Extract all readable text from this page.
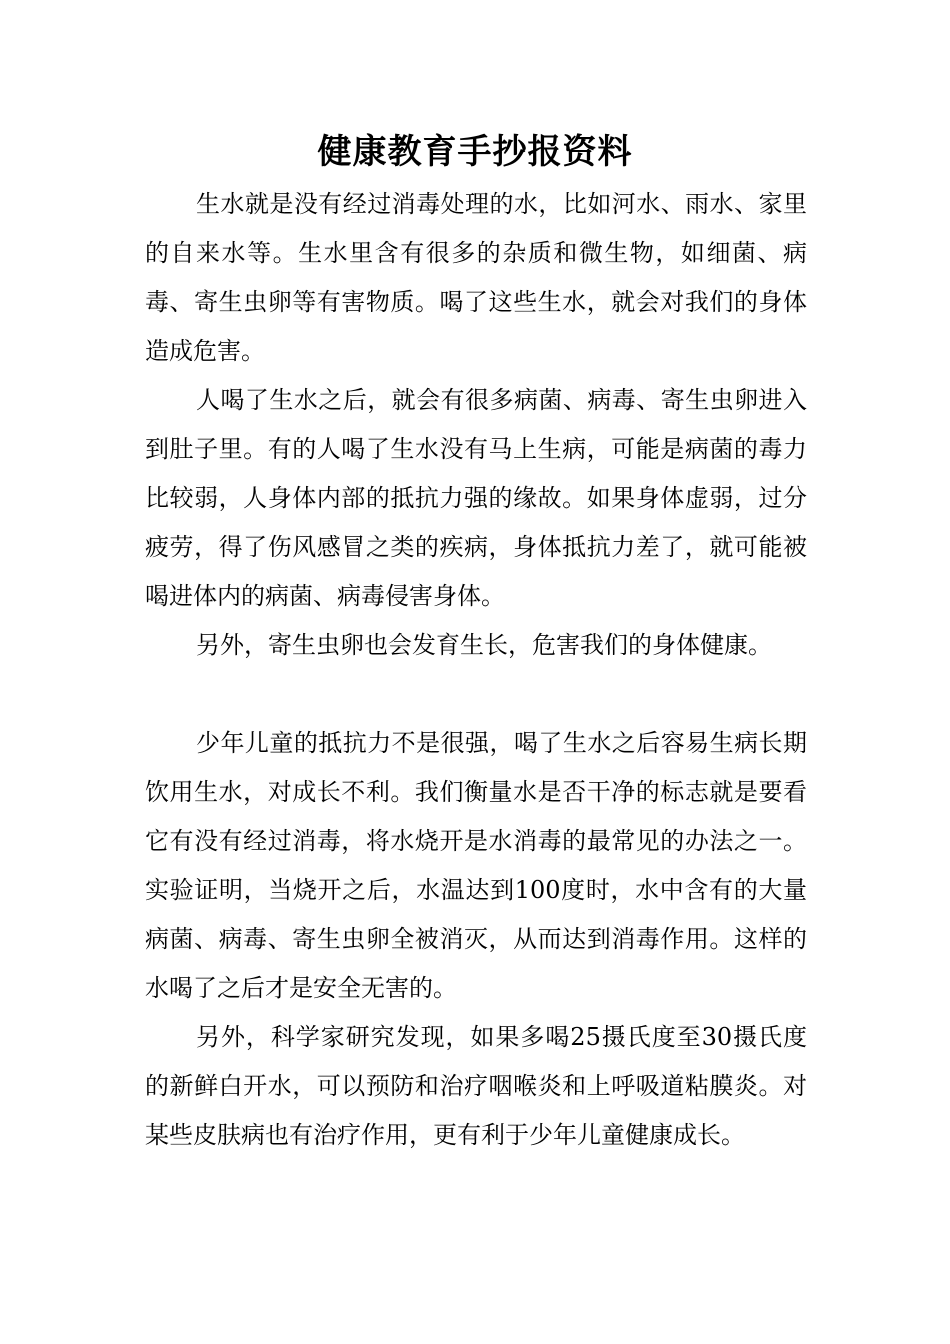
健康教育手抄报资料

生水就是没有经过消毒处理的水，比如河水、雨水、家里的自来水等。生水里含有很多的杂质和微生物，如细菌、病毒、寄生虫卵等有害物质。喝了这些生水，就会对我们的身体造成危害。

人喝了生水之后，就会有很多病菌、病毒、寄生虫卵进入到肚子里。有的人喝了生水没有马上生病，可能是病菌的毒力比较弱，人身体内部的抵抗力强的缘故。如果身体虚弱，过分疲劳，得了伤风感冒之类的疾病，身体抵抗力差了，就可能被喝进体内的病菌、病毒侵害身体。

另外，寄生虫卵也会发育生长，危害我们的身体健康。

少年儿童的抵抗力不是很强，喝了生水之后容易生病长期饮用生水，对成长不利。我们衡量水是否干净的标志就是要看它有没有经过消毒，将水烧开是水消毒的最常见的办法之一。实验证明，当烧开之后，水温达到100度时，水中含有的大量病菌、病毒、寄生虫卵全被消灭，从而达到消毒作用。这样的水喝了之后才是安全无害的。

另外，科学家研究发现，如果多喝25摄氏度至30摄氏度的新鲜白开水，可以预防和治疗咽喉炎和上呼吸道粘膜炎。对某些皮肤病也有治疗作用，更有利于少年儿童健康成长。
